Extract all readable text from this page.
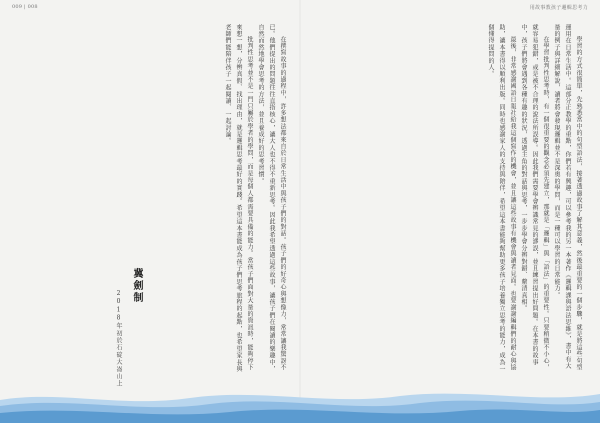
009 | 008	用故事教孩子邏輯思考力

學習的方式很簡單，先熟悉當中的句型語法，接著透過故事了解其意義，然後最重要的一個步驟，就是將這些句型運用在日常生活中。這部分正教學的重點，你們若有興趣，可以參考我的另一本著作《邏輯課與語法思維》，書中有大量的例子與詳細解說，讀者將會發現邏輯並不是深奧的學問，而是一種可以學習的日常能力。

在學習批判性思考時，有一個很重要的觀念必須先建立，那就是「邏輯」與「語法」的重要性。只要稍微不小心，就容易犯錯，或是被不合理的說法所誤導。因此我們需要學會辨識常見的謬誤，並且練習提出好問題。在本書的故事中，孩子們將會遇到各種有趣的狀況，透過主角的對話與思考，一步步學會分辨對錯、釐清真相。

最後，非常感謝國語日報社給我這個寫作的機會，並且讓這些故事有機會與讀者見面。也要謝謝編輯們的耐心與協助，讓本書得以順利出版。同時也感謝家人的支持與陪伴，希望這本書能夠幫助更多孩子培養獨立思考的能力，成為一個懂得提問的人。

在撰寫故事的過程中，許多想法都來自於日常生活中與孩子們的對話。孩子們的好奇心與想像力，常常讓我驚訝不已。他們提出的問題往往直指核心，讓大人也不得不重新思考。因此我希望透過這些故事，讓孩子們在閱讀的樂趣中，自然而然地學會思考的方法，並且養成好的思考習慣。

批判性思考並不是一門只屬於學者的學問，而是每個人都需要具備的能力。當孩子們面對大量的資訊時，能夠停下來想一想，分辨真假、找出理由，就是邏輯思考最好的實踐。希望這本書能成為孩子們思考旅程的起點，也希望家長與老師們能陪伴孩子一起閱讀、一起討論。

冀劍制
2018年初於石碇大崙山上
